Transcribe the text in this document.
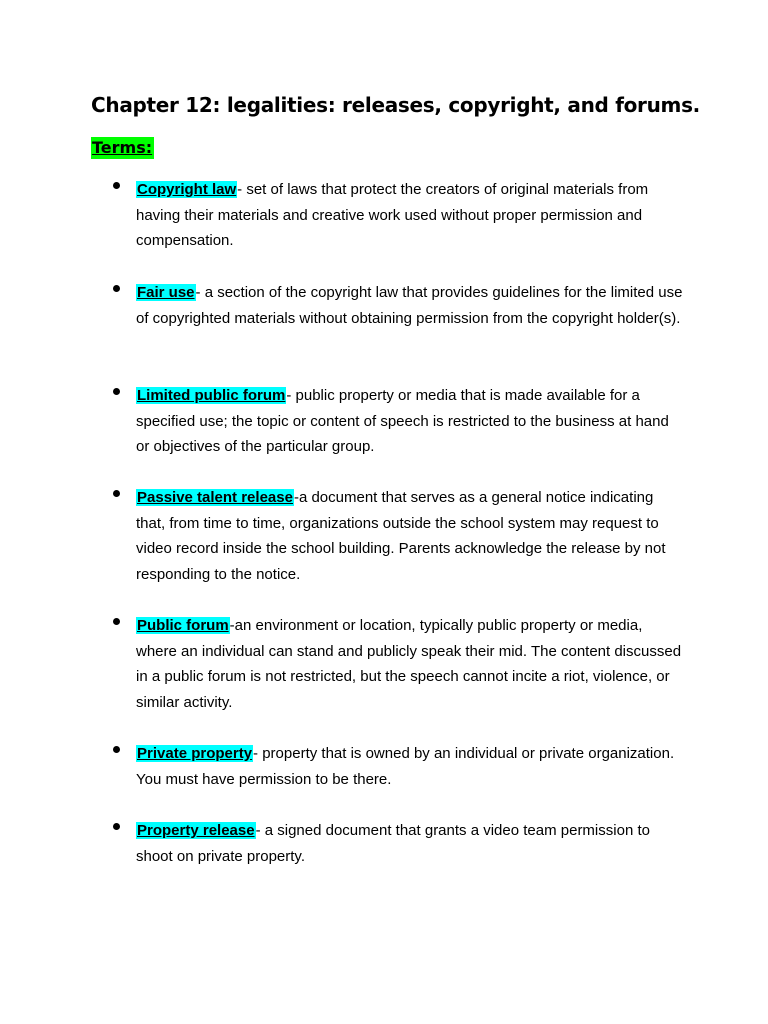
Chapter 12: legalities: releases, copyright, and forums.
Terms:

Copyright law- set of laws that protect the creators of original materials from having their materials and creative work used without proper permission and compensation.

Fair use- a section of the copyright law that provides guidelines for the limited use of copyrighted materials without obtaining permission from the copyright holder(s).

Limited public forum- public property or media that is made available for a specified use; the topic or content of speech is restricted to the business at hand or objectives of the particular group.

Passive talent release-a document that serves as a general notice indicating that, from time to time, organizations outside the school system may request to video record inside the school building. Parents acknowledge the release by not responding to the notice.

Public forum-an environment or location, typically public property or media, where an individual can stand and publicly speak their mid. The content discussed in a public forum is not restricted, but the speech cannot incite a riot, violence, or similar activity.

Private property- property that is owned by an individual or private organization. You must have permission to be there.

Property release- a signed document that grants a video team permission to shoot on private property.
